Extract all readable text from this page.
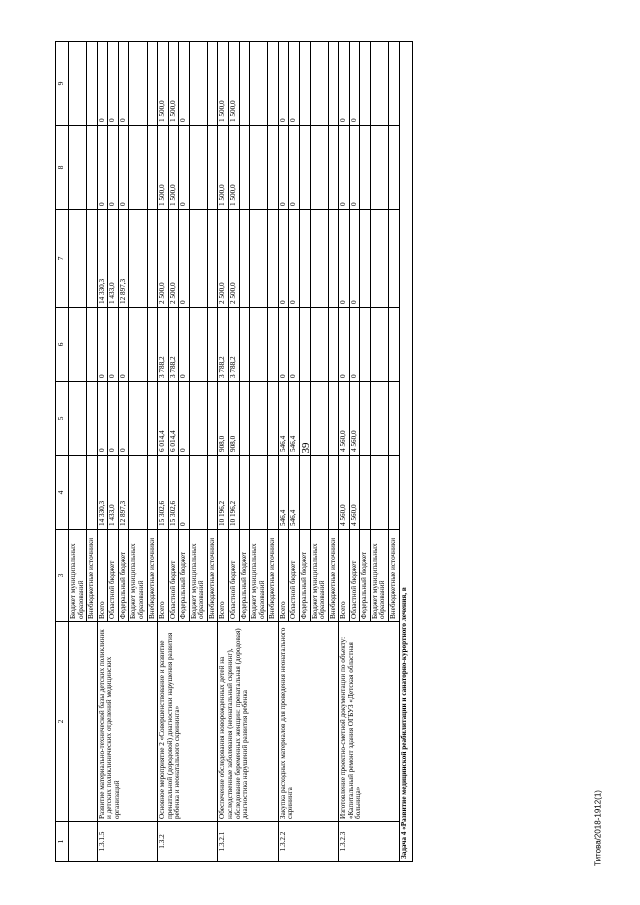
39
Титова/2018-1912(1)
1	2	3	4	5	6	7	8	9
		Бюджет муниципальных образований						
		Внебюджетные источники						
1.3.1.5	Развитие материально-технической базы детских поликлиник и детских поликлинических отделений медицинских организаций	Всего	14 330,3	0	0	14 330,3	0	0
		Областной бюджет	1 433,0	0	0	1 433,0	0	0
		Федеральный бюджет	12 897,3	0	0	12 897,3	0	0
		Бюджет муниципальных образований						
		Внебюджетные источники						
1.3.2	Основное мероприятие 2 «Совершенствование и развитие пренатальной (дородовой) диагностики нарушения развития ребенка и неонатального скрининга»	Всего	15 302,6	6 014,4	3 788,2	2 500,0	1 500,0	1 500,0
		Областной бюджет	15 302,6	6 014,4	3 788,2	2 500,0	1 500,0	1 500,0
		Федеральный бюджет	0	0	0	0	0	0
		Бюджет муниципальных образований						
		Внебюджетные источники						
1.3.2.1	Обеспечение обследования новорожденных детей на наследственные заболевания (неонатальный скрининг), обследование беременных женщин: пренатальная (дородовая) диагностика нарушений развития ребенка	Всего	10 196,2	908,0	3 788,2	2 500,0	1 500,0	1 500,0
		Областной бюджет	10 196,2	908,0	3 788,2	2 500,0	1 500,0	1 500,0
		Федеральный бюджет						
		Бюджет муниципальных образований						
		Внебюджетные источники						
1.3.2.2	Закупка расходных материалов для проведения неонатального скрининга	Всего	546,4	546,4	0	0	0	0
		Областной бюджет	546,4	546,4	0	0	0	0
		Федеральный бюджет						
		Бюджет муниципальных образований						
		Внебюджетные источники						
1.3.2.3	Изготовление проектно-сметной документации по объекту: «Капитальный ремонт здания ОГБУЗ «Детская областная больница»	Всего	4 560,0	4 560,0	0	0	0	0
		Областной бюджет	4 560,0	4 560,0	0	0	0	0
		Федеральный бюджет						
		Бюджет муниципальных образований						
		Внебюджетные источники						
Задача 4 «Развитие медицинской реабилитации и санаторно-курортного лечения, в								
